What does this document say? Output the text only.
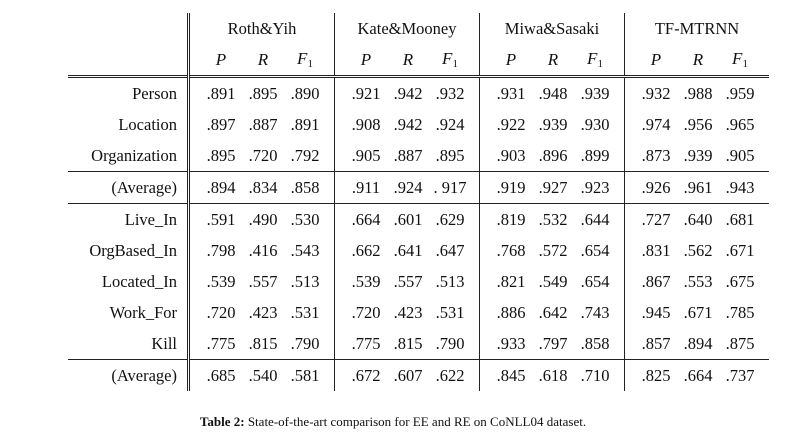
	Roth&Yih			Kate&Mooney			Miwa&Sasaki			TF-MTRNN		
	P	R	$F_1$	P	R	$F_1$	P	R	$F_1$	P	R	$F_1$
Person	.891	.895	.890	.921	.942	.932	.931	.948	.939	.932	.988	.959
Location	.897	.887	.891	.908	.942	.924	.922	.939	.930	.974	.956	.965
Organization	.895	.720	.792	.905	.887	.895	.903	.896	.899	.873	.939	.905
(Average)	.894	.834	.858	.911	.924	. 917	.919	.927	.923	.926	.961	.943
Live_In	.591	.490	.530	.664	.601	.629	.819	.532	.644	.727	.640	.681
OrgBased_In	.798	.416	.543	.662	.641	.647	.768	.572	.654	.831	.562	.671
Located_In	.539	.557	.513	.539	.557	.513	.821	.549	.654	.867	.553	.675
Work_For	.720	.423	.531	.720	.423	.531	.886	.642	.743	.945	.671	.785
Kill	.775	.815	.790	.775	.815	.790	.933	.797	.858	.857	.894	.875
(Average)	.685	.540	.581	.672	.607	.622	.845	.618	.710	.825	.664	.737
Table 2: State-of-the-art comparison for EE and RE on CoNLL04 dataset.
